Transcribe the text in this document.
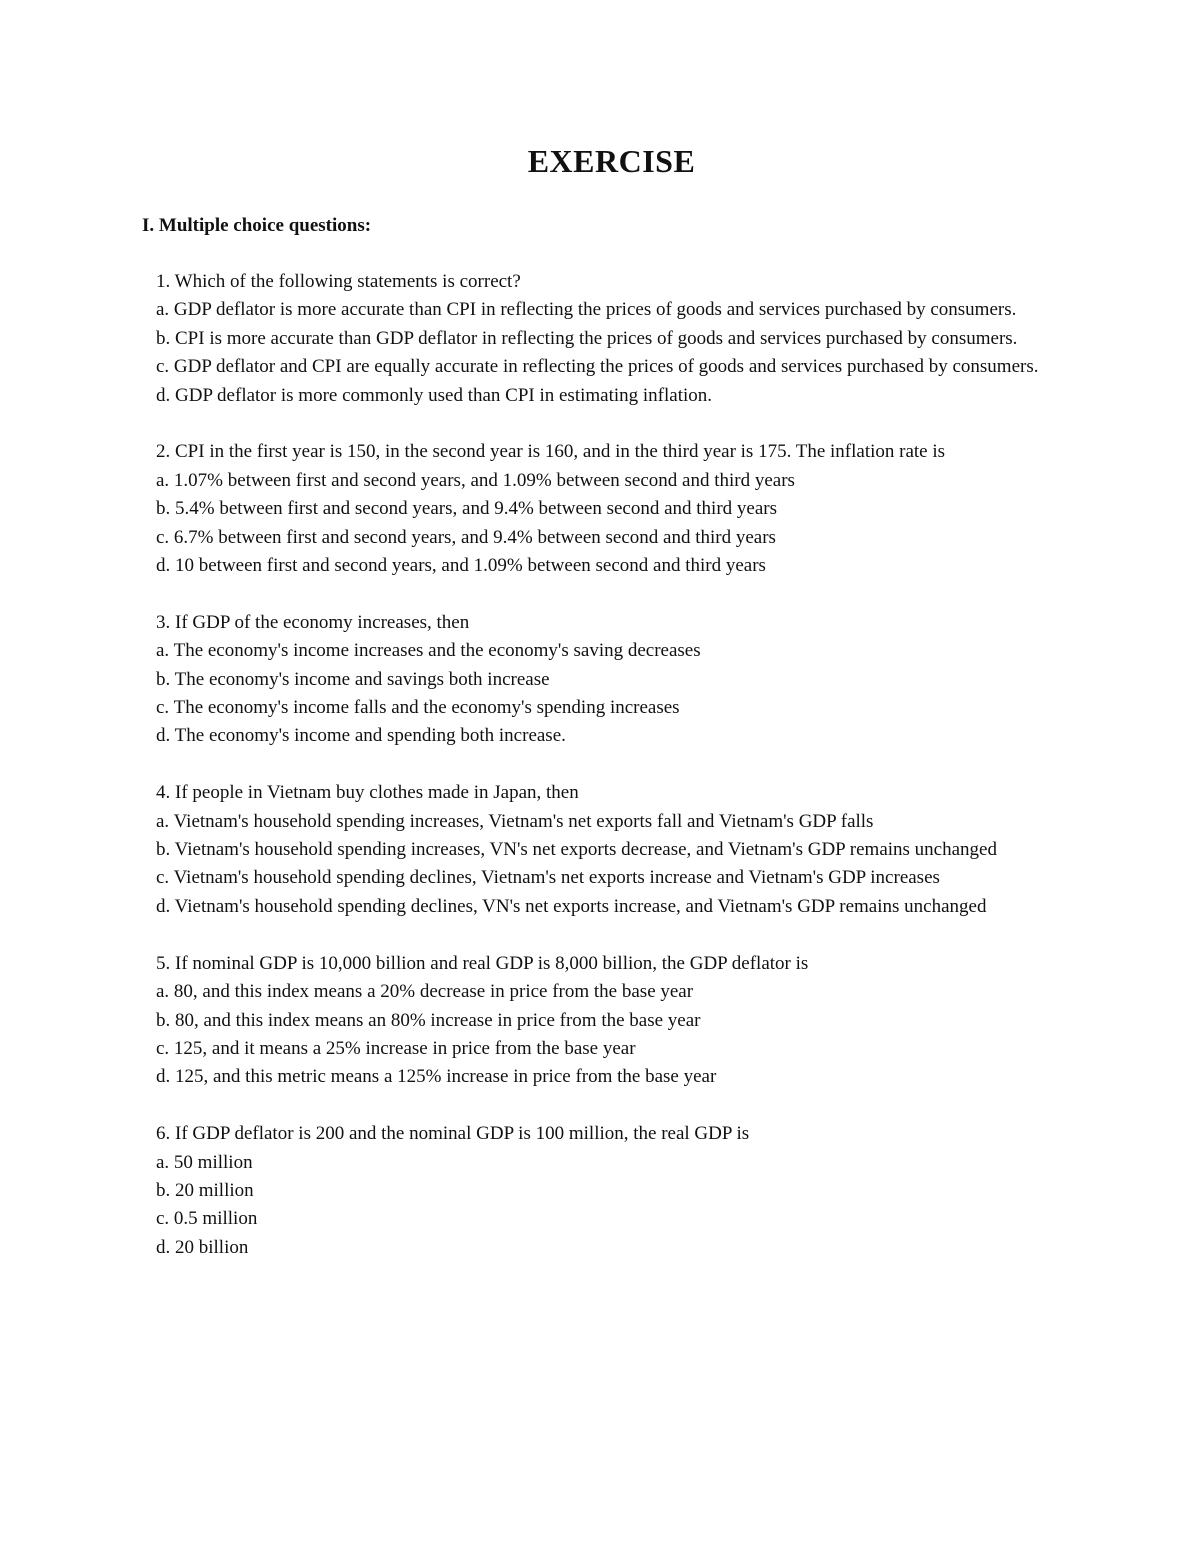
EXERCISE
I. Multiple choice questions:
1. Which of the following statements is correct?
a. GDP deflator is more accurate than CPI in reflecting the prices of goods and services purchased by consumers.
b. CPI is more accurate than GDP deflator in reflecting the prices of goods and services purchased by consumers.
c. GDP deflator and CPI are equally accurate in reflecting the prices of goods and services purchased by consumers.
d. GDP deflator is more commonly used than CPI in estimating inflation.
2. CPI in the first year is 150, in the second year is 160, and in the third year is 175. The inflation rate is
a. 1.07% between first and second years, and 1.09% between second and third years
b. 5.4% between first and second years, and 9.4% between second and third years
c. 6.7% between first and second years, and 9.4% between second and third years
d. 10 between first and second years, and 1.09% between second and third years
3. If GDP of the economy increases, then
a. The economy's income increases and the economy's saving decreases
b. The economy's income and savings both increase
c. The economy's income falls and the economy's spending increases
d. The economy's income and spending both increase.
4. If people in Vietnam buy clothes made in Japan, then
a. Vietnam's household spending increases, Vietnam's net exports fall and Vietnam's GDP falls
b. Vietnam's household spending increases, VN's net exports decrease, and Vietnam's GDP remains unchanged
c. Vietnam's household spending declines, Vietnam's net exports increase and Vietnam's GDP increases
d. Vietnam's household spending declines, VN's net exports increase, and Vietnam's GDP remains unchanged
5. If nominal GDP is 10,000 billion and real GDP is 8,000 billion, the GDP deflator is
a. 80, and this index means a 20% decrease in price from the base year
b. 80, and this index means an 80% increase in price from the base year
c. 125, and it means a 25% increase in price from the base year
d. 125, and this metric means a 125% increase in price from the base year
6. If GDP deflator is 200 and the nominal GDP is 100 million, the real GDP is
a. 50 million
b. 20 million
c. 0.5 million
d. 20 billion
